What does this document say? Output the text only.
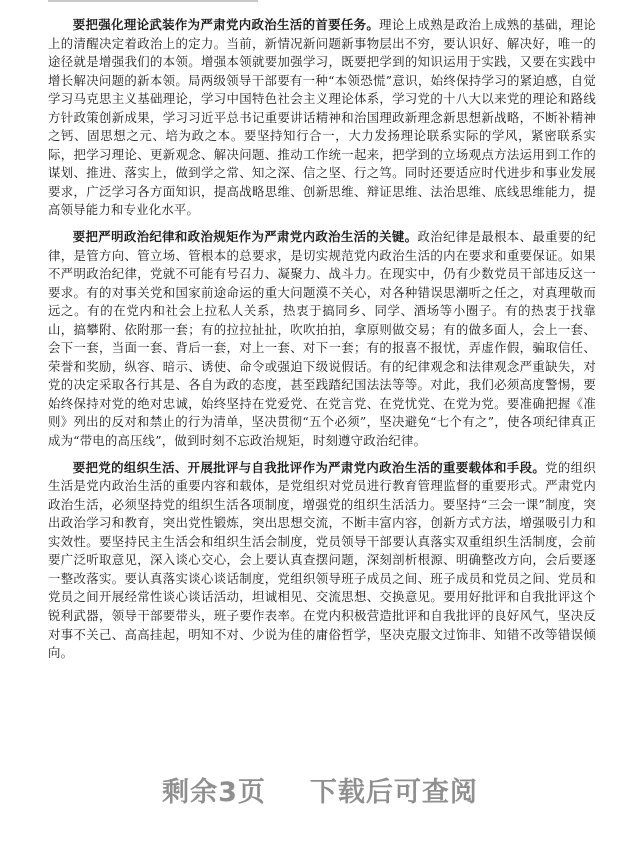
要把强化理论武装作为严肃党内政治生活的首要任务。理论上成熟是政治上成熟的基础，理论上的清醒决定着政治上的定力。当前，新情况新问题新事物层出不穷，要认识好、解决好，唯一的途径就是增强我们的本领。增强本领就要加强学习，既要把学到的知识运用于实践，又要在实践中增长解决问题的新本领。局两级领导干部要有一种“本领恐慌”意识，始终保持学习的紧迫感，自觉学习马克思主义基础理论，学习中国特色社会主义理论体系，学习党的十八大以来党的理论和路线方针政策创新成果，学习习近平总书记重要讲话精神和治国理政新理念新思想新战略，不断补精神之钙、固思想之元、培为政之本。要坚持知行合一，大力发扬理论联系实际的学风，紧密联系实际，把学习理论、更新观念、解决问题、推动工作统一起来，把学到的立场观点方法运用到工作的谋划、推进、落实上，做到学之常、知之深、信之坚、行之笃。同时还要适应时代进步和事业发展要求，广泛学习各方面知识，提高战略思维、创新思维、辩证思维、法治思维、底线思维能力，提高领导能力和专业化水平。

要把严明政治纪律和政治规矩作为严肃党内政治生活的关键。政治纪律是最根本、最重要的纪律，是管方向、管立场、管根本的总要求，是切实规范党内政治生活的内在要求和重要保证。如果不严明政治纪律，党就不可能有号召力、凝聚力、战斗力。在现实中，仍有少数党员干部违反这一要求。有的对事关党和国家前途命运的重大问题漠不关心，对各种错误思潮听之任之，对真理敬而远之。有的在党内和社会上拉私人关系，热衷于搞同乡、同学、酒场等小圈子。有的热衷于找靠山，搞攀附、依附那一套；有的拉拉扯扯，吹吹拍拍，拿原则做交易；有的做多面人，会上一套、会下一套，当面一套、背后一套，对上一套、对下一套；有的报喜不报忧，弄虚作假，骗取信任、荣誉和奖励，纵容、暗示、诱使、命令或强迫下级说假话。有的纪律观念和法律观念严重缺失，对党的决定采取各行其是、各自为政的态度，甚至践踏纪国法法等等。对此，我们必须高度警惕，要始终保持对党的绝对忠诚，始终坚持在党爱党、在党言党、在党忧党、在党为党。要准确把握《准则》列出的反对和禁止的行为清单，坚决贯彻“五个必须”，坚决避免“七个有之”，使各项纪律真正成为“带电的高压线”，做到时刻不忘政治规矩，时刻遵守政治纪律。

要把党的组织生活、开展批评与自我批评作为严肃党内政治生活的重要载体和手段。党的组织生活是党内政治生活的重要内容和载体，是党组织对党员进行教育管理监督的重要形式。严肃党内政治生活，必须坚持党的组织生活各项制度，增强党的组织生活活力。要坚持“三会一课”制度，突出政治学习和教育，突出党性锻炼，突出思想交流，不断丰富内容，创新方式方法，增强吸引力和实效性。要坚持民主生活会和组织生活会制度，党员领导干部要认真落实双重组织生活制度，会前要广泛听取意见，深入谈心交心，会上要认真查摆问题，深刻剖析根源、明确整改方向，会后要逐一整改落实。要认真落实谈心谈话制度，党组织领导班子成员之间、班子成员和党员之间、党员和党员之间开展经常性谈心谈话活动，坦诚相见、交流思想、交换意见。要用好批评和自我批评这个锐利武器，领导干部要带头，班子要作表率。在党内积极营造批评和自我批评的良好风气，坚决反对事不关己、高高挂起，明知不对、少说为佳的庸俗哲学，坚决克服文过饰非、知错不改等错误倾向。

剩余3页 下载后可查阅
